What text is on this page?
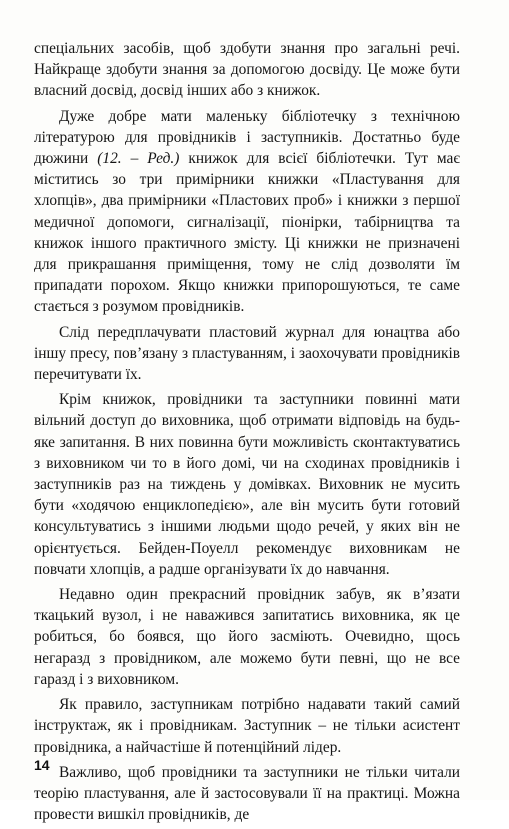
спеціальних засобів, щоб здобути знання про загальні речі. Найкраще здобути знання за допомогою досвіду. Це може бути власний досвід, досвід інших або з книжок.

Дуже добре мати маленьку бібліотечку з технічною літературою для провідників і заступників. Достатньо буде дюжини (12. – Ред.) книжок для всієї бібліотечки. Тут має міститись зо три примірники книжки «Пластування для хлопців», два примірники «Пластових проб» і книжки з першої медичної допомоги, сигналізації, піонірки, табірництва та книжок іншого практичного змісту. Ці книжки не призначені для прикрашання приміщення, тому не слід дозволяти їм припадати порохом. Якщо книжки припорошуються, те саме стається з розумом провідників.

Слід передплачувати пластовий журнал для юнацтва або іншу пресу, пов’язану з пластуванням, і заохочувати провідників перечитувати їх.

Крім книжок, провідники та заступники повинні мати вільний доступ до виховника, щоб отримати відповідь на будь-яке запитання. В них повинна бути можливість сконтактуватись з виховником чи то в його домі, чи на сходинах провідників і заступників раз на тиждень у домівках. Виховник не мусить бути «ходячою енциклопедією», але він мусить бути готовий консультуватись з іншими людьми щодо речей, у яких він не орієнтується. Бейден-Поуелл рекомендує виховникам не повчати хлопців, а радше організувати їх до навчання.

Недавно один прекрасний провідник забув, як в’язати ткацький вузол, і не наважився запитатись виховника, як це робиться, бо боявся, що його засміють. Очевидно, щось негаразд з провідником, але можемо бути певні, що не все гаразд і з виховником.

Як правило, заступникам потрібно надавати такий самий інструктаж, як і провідникам. Заступник – не тільки асистент провідника, а найчастіше й потенційний лідер.

Важливо, щоб провідники та заступники не тільки читали теорію пластування, але й застосовували її на практиці. Можна провести вишкіл провідників, де

14
